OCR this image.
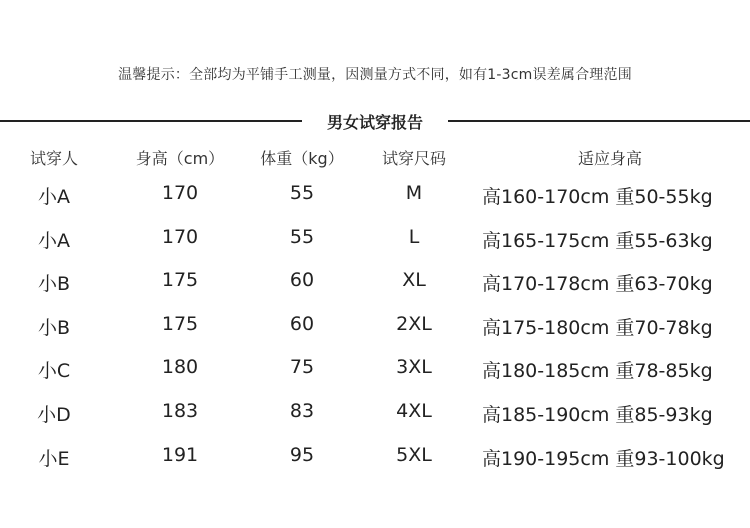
温馨提示：全部均为平铺手工测量，因测量方式不同，如有1-3cm误差属合理范围
男女试穿报告
试穿人	身高（cm）	体重（kg）	试穿尺码	适应身高
小A	170	55	M	高160-170cm 重50-55kg
小A	170	55	L	高165-175cm 重55-63kg
小B	175	60	XL	高170-178cm 重63-70kg
小B	175	60	2XL	高175-180cm 重70-78kg
小C	180	75	3XL	高180-185cm 重78-85kg
小D	183	83	4XL	高185-190cm 重85-93kg
小E	191	95	5XL	高190-195cm 重93-100kg
